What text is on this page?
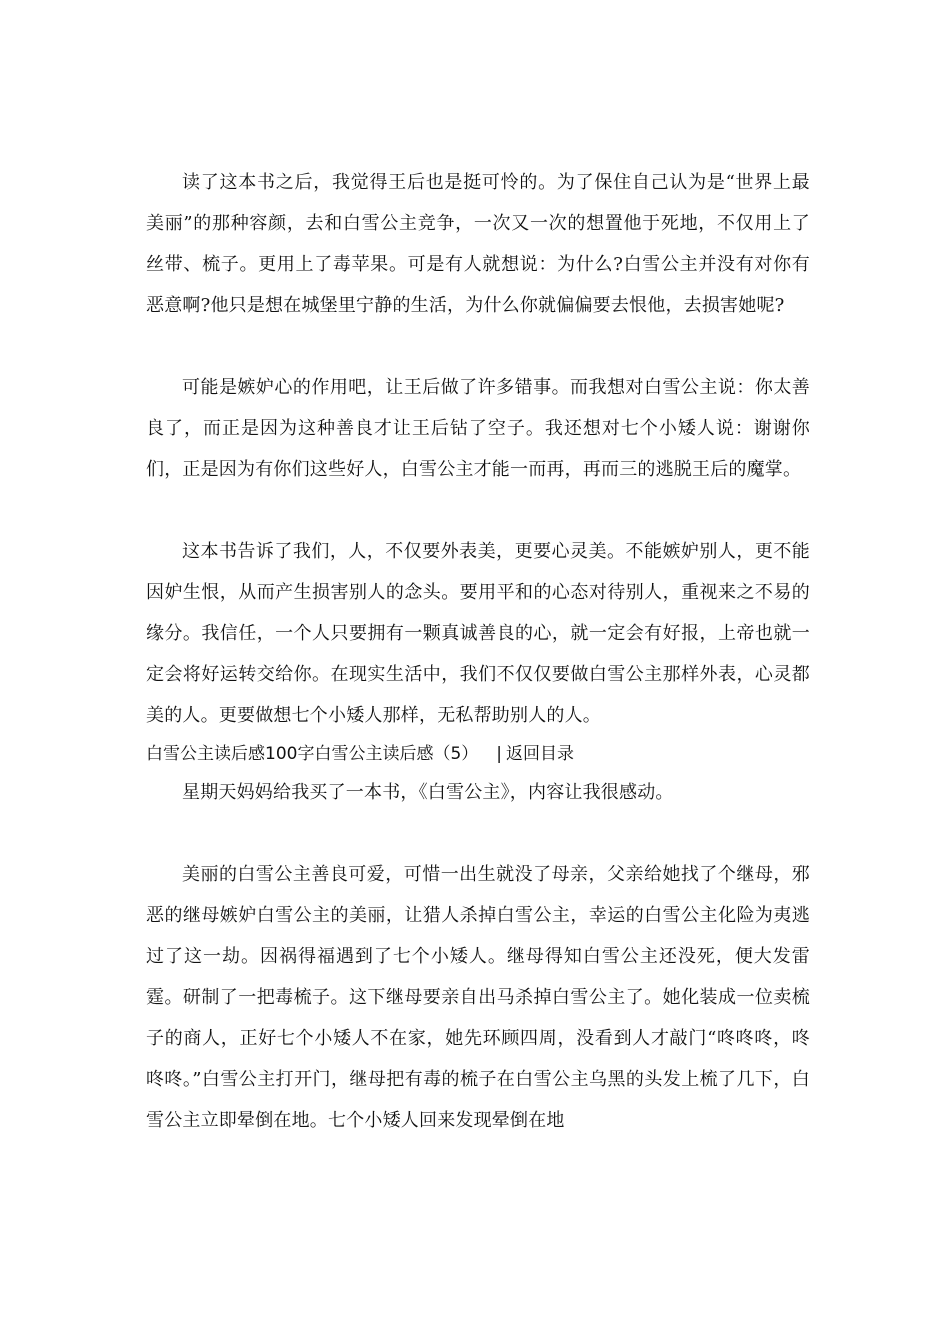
读了这本书之后，我觉得王后也是挺可怜的。为了保住自己认为是“世界上最美丽”的那种容颜，去和白雪公主竞争，一次又一次的想置他于死地，不仅用上了丝带、梳子。更用上了毒苹果。可是有人就想说：为什么?白雪公主并没有对你有恶意啊?他只是想在城堡里宁静的生活，为什么你就偏偏要去恨他，去损害她呢?

可能是嫉妒心的作用吧，让王后做了许多错事。而我想对白雪公主说：你太善良了，而正是因为这种善良才让王后钻了空子。我还想对七个小矮人说：谢谢你们，正是因为有你们这些好人，白雪公主才能一而再，再而三的逃脱王后的魔掌。

这本书告诉了我们，人，不仅要外表美，更要心灵美。不能嫉妒别人，更不能因妒生恨，从而产生损害别人的念头。要用平和的心态对待别人，重视来之不易的缘分。我信任，一个人只要拥有一颗真诚善良的心，就一定会有好报，上帝也就一定会将好运转交给你。在现实生活中，我们不仅仅要做白雪公主那样外表，心灵都美的人。更要做想七个小矮人那样，无私帮助别人的人。

白雪公主读后感100字白雪公主读后感（5） | 返回目录

星期天妈妈给我买了一本书，《白雪公主》，内容让我很感动。

美丽的白雪公主善良可爱，可惜一出生就没了母亲，父亲给她找了个继母，邪恶的继母嫉妒白雪公主的美丽，让猎人杀掉白雪公主，幸运的白雪公主化险为夷逃过了这一劫。因祸得福遇到了七个小矮人。继母得知白雪公主还没死，便大发雷霆。研制了一把毒梳子。这下继母要亲自出马杀掉白雪公主了。她化装成一位卖梳子的商人，正好七个小矮人不在家，她先环顾四周，没看到人才敲门“咚咚咚，咚咚咚。”白雪公主打开门，继母把有毒的梳子在白雪公主乌黑的头发上梳了几下，白雪公主立即晕倒在地。七个小矮人回来发现晕倒在地
